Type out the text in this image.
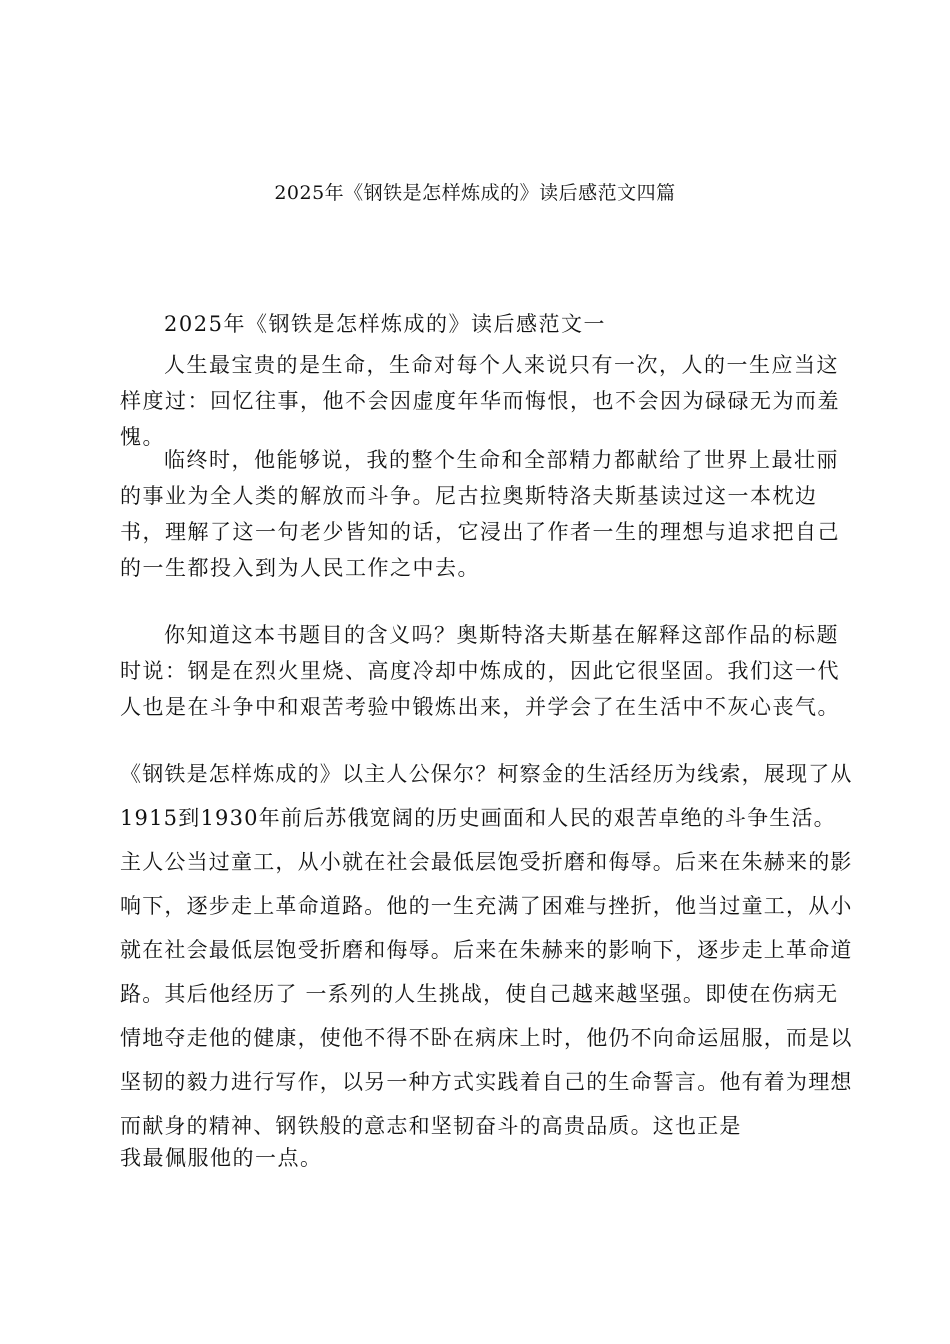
2025年《钢铁是怎样炼成的》读后感范文四篇

2025年《钢铁是怎样炼成的》读后感范文一

人生最宝贵的是生命，生命对每个人来说只有一次，人的一生应当这样度过：回忆往事，他不会因虚度年华而悔恨，也不会因为碌碌无为而羞愧。

临终时，他能够说，我的整个生命和全部精力都献给了世界上最壮丽的事业为全人类的解放而斗争。尼古拉奥斯特洛夫斯基读过这一本枕边书，理解了这一句老少皆知的话，它浸出了作者一生的理想与追求把自己的一生都投入到为人民工作之中去。

你知道这本书题目的含义吗？奥斯特洛夫斯基在解释这部作品的标题时说：钢是在烈火里烧、高度冷却中炼成的，因此它很坚固。我们这一代人也是在斗争中和艰苦考验中锻炼出来，并学会了在生活中不灰心丧气。

《钢铁是怎样炼成的》以主人公保尔？柯察金的生活经历为线索，展现了从1915到1930年前后苏俄宽阔的历史画面和人民的艰苦卓绝的斗争生活。主人公当过童工，从小就在社会最低层饱受折磨和侮辱。后来在朱赫来的影响下，逐步走上革命道路。他的一生充满了困难与挫折，他当过童工，从小就在社会最低层饱受折磨和侮辱。后来在朱赫来的影响下，逐步走上革命道路。其后他经历了 一系列的人生挑战，使自己越来越坚强。即使在伤病无情地夺走他的健康，使他不得不卧在病床上时，他仍不向命运屈服，而是以坚韧的毅力进行写作，以另一种方式实践着自己的生命誓言。他有着为理想而献身的精神、钢铁般的意志和坚韧奋斗的高贵品质。这也正是

我最佩服他的一点。
